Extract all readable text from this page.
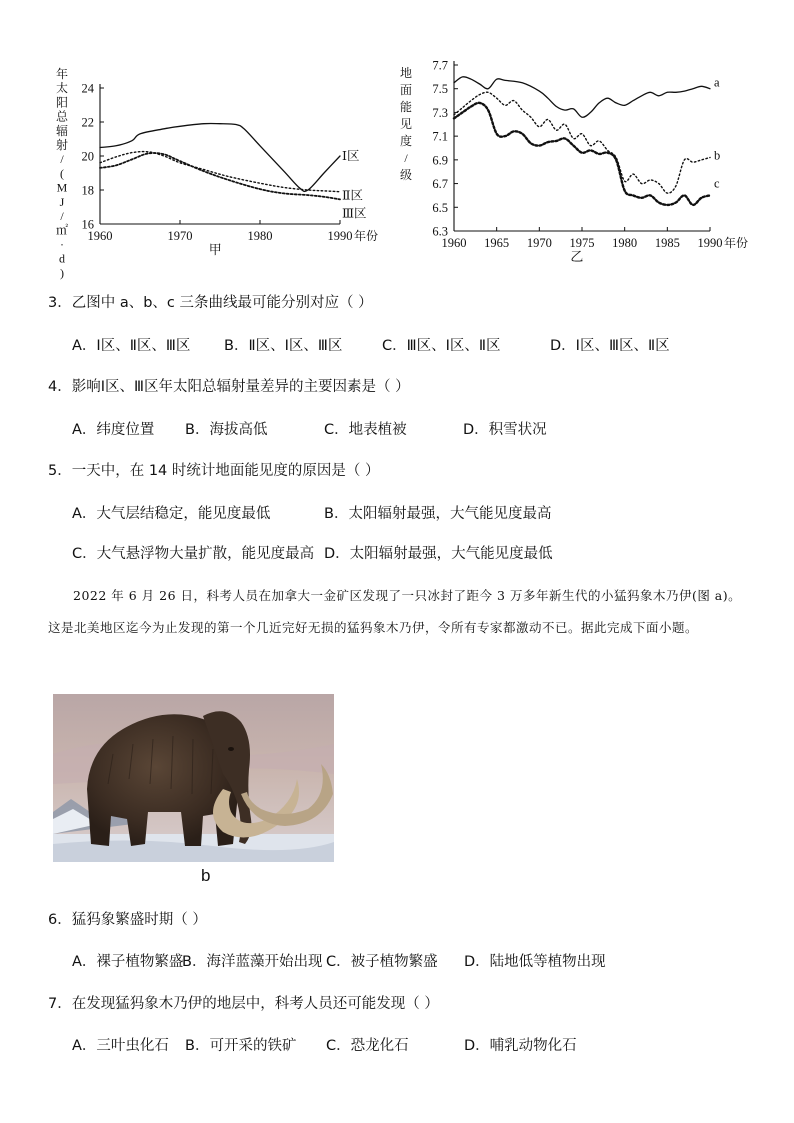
16
18
20
22
24
1960	1970	1980	1990 年份
年
太
阳
总
辐
射
/
(
M
J
/
㎡
·
d
)
甲
Ⅰ区
Ⅱ区
Ⅲ区
6.3
6.5
6.7
6.9
7.1
7.3
7.5
7.7
1960 1965 1970 1975 1980 1985 1990 年份
地
面
能
见
度
/
级
乙
a
b
c
3．乙图中 a、b、c 三条曲线最可能分别对应（ ）
A．Ⅰ区、Ⅱ区、Ⅲ区 B．Ⅱ区、Ⅰ区、Ⅲ区	C．Ⅲ区、Ⅰ区、Ⅱ区	D．Ⅰ区、Ⅲ区、Ⅱ区
4．影响Ⅰ区、Ⅲ区年太阳总辐射量差异的主要因素是（ ）
A．纬度位置 B．海拔高低	C．地表植被	D．积雪状况
5．一天中，在 14 时统计地面能见度的原因是（ ）
A．大气层结稳定，能见度最低	B．太阳辐射最强，大气能见度最高
C．大气悬浮物大量扩散，能见度最高 D．太阳辐射最强，大气能见度最低
2022 年 6 月 26 日，科考人员在加拿大一金矿区发现了一只冰封了距今 3 万多年新生代的小猛犸象木乃伊(图 a)。这是北美地区迄今为止发现的第一个几近完好无损的猛犸象木乃伊，令所有专家都激动不已。据此完成下面小题。
b
6．猛犸象繁盛时期（ ）
A．裸子植物繁盛
B．海洋蓝藻开始出现 C．被子植物繁盛 D．陆地低等植物出现
7．在发现猛犸象木乃伊的地层中，科考人员还可能发现（ ）
A．三叶虫化石 B．可开采的铁矿 C．恐龙化石	D．哺乳动物化石
